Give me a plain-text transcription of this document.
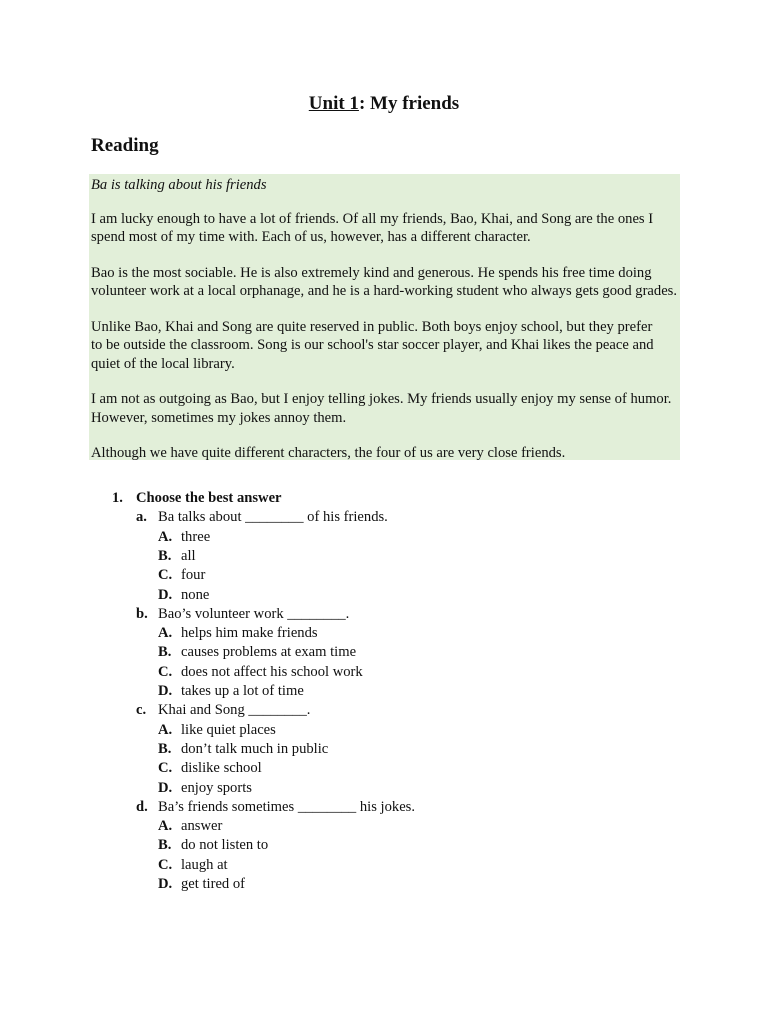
Unit 1: My friends
Reading

Ba is talking about his friends

I am lucky enough to have a lot of friends. Of all my friends, Bao, Khai, and Song are the ones I
spend most of my time with. Each of us, however, has a different character.

Bao is the most sociable. He is also extremely kind and generous. He spends his free time doing
volunteer work at a local orphanage, and he is a hard-working student who always gets good grades.

Unlike Bao, Khai and Song are quite reserved in public. Both boys enjoy school, but they prefer
to be outside the classroom. Song is our school's star soccer player, and Khai likes the peace and
quiet of the local library.

I am not as outgoing as Bao, but I enjoy telling jokes. My friends usually enjoy my sense of humor.
However, sometimes my jokes annoy them.

Although we have quite different characters, the four of us are very close friends.

1. Choose the best answer
a. Ba talks about ________ of his friends.
A. three
B. all
C. four
D. none
b. Bao’s volunteer work ________.
A. helps him make friends
B. causes problems at exam time
C. does not affect his school work
D. takes up a lot of time
c. Khai and Song ________.
A. like quiet places
B. don’t talk much in public
C. dislike school
D. enjoy sports
d. Ba’s friends sometimes ________ his jokes.
A. answer
B. do not listen to
C. laugh at
D. get tired of
